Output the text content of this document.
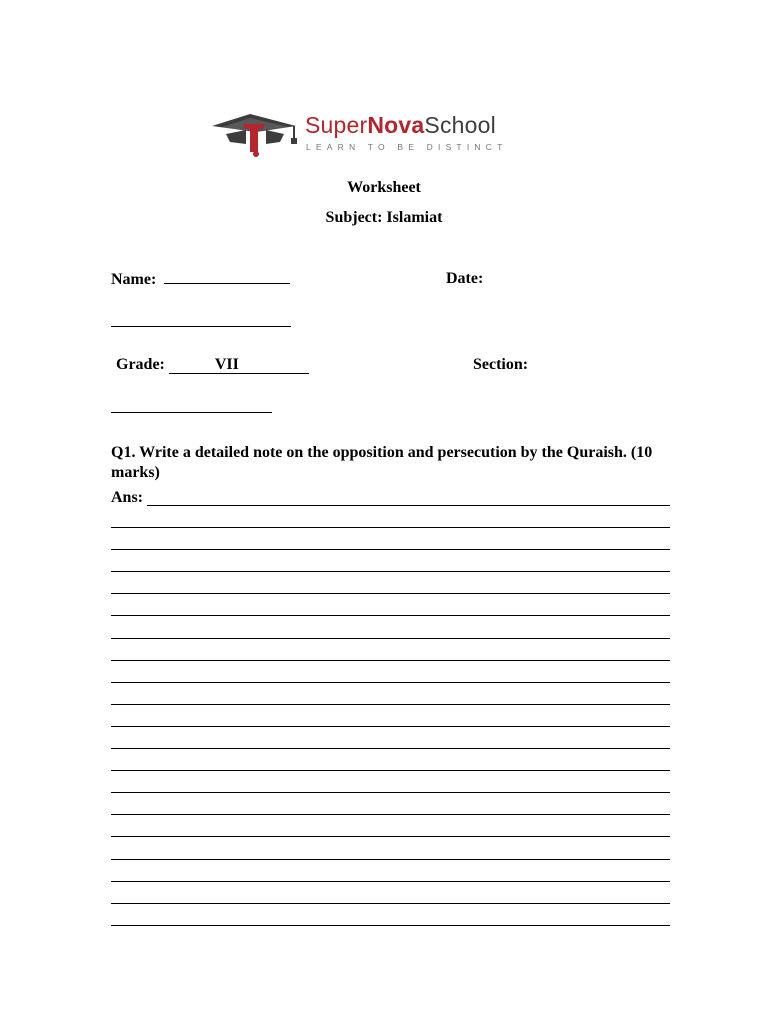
SuperNovaSchool
LEARN TO BE DISTINCT
Worksheet
Subject: Islamiat
Name:	Date:
Grade:	VII	Section:
Q1. Write a detailed note on the opposition and persecution by the Quraish. (10 marks)
Ans:
